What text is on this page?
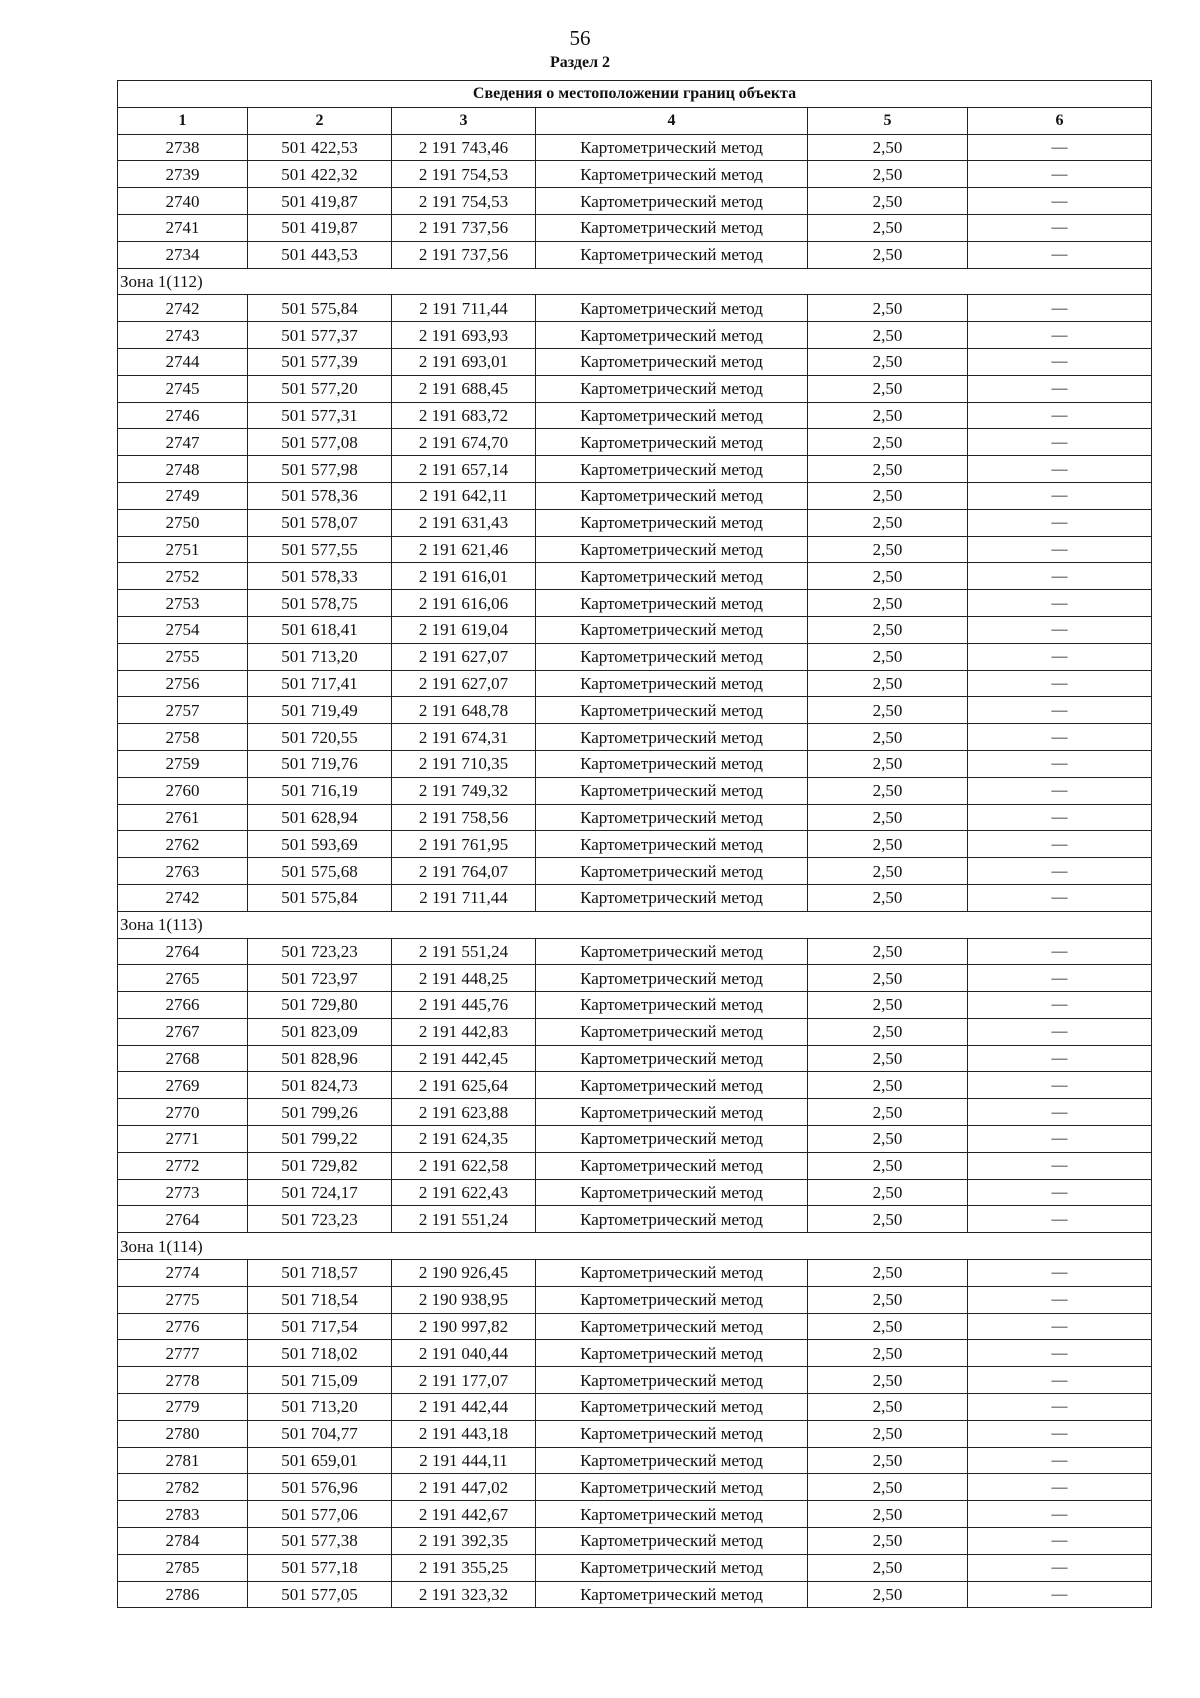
56
Раздел 2
Сведения о местоположении границ объекта					
1	2	3	4	5	6
2738	501 422,53	2 191 743,46	Картометрический метод	2,50	—
2739	501 422,32	2 191 754,53	Картометрический метод	2,50	—
2740	501 419,87	2 191 754,53	Картометрический метод	2,50	—
2741	501 419,87	2 191 737,56	Картометрический метод	2,50	—
2734	501 443,53	2 191 737,56	Картометрический метод	2,50	—
Зона 1(112)					
2742	501 575,84	2 191 711,44	Картометрический метод	2,50	—
2743	501 577,37	2 191 693,93	Картометрический метод	2,50	—
2744	501 577,39	2 191 693,01	Картометрический метод	2,50	—
2745	501 577,20	2 191 688,45	Картометрический метод	2,50	—
2746	501 577,31	2 191 683,72	Картометрический метод	2,50	—
2747	501 577,08	2 191 674,70	Картометрический метод	2,50	—
2748	501 577,98	2 191 657,14	Картометрический метод	2,50	—
2749	501 578,36	2 191 642,11	Картометрический метод	2,50	—
2750	501 578,07	2 191 631,43	Картометрический метод	2,50	—
2751	501 577,55	2 191 621,46	Картометрический метод	2,50	—
2752	501 578,33	2 191 616,01	Картометрический метод	2,50	—
2753	501 578,75	2 191 616,06	Картометрический метод	2,50	—
2754	501 618,41	2 191 619,04	Картометрический метод	2,50	—
2755	501 713,20	2 191 627,07	Картометрический метод	2,50	—
2756	501 717,41	2 191 627,07	Картометрический метод	2,50	—
2757	501 719,49	2 191 648,78	Картометрический метод	2,50	—
2758	501 720,55	2 191 674,31	Картометрический метод	2,50	—
2759	501 719,76	2 191 710,35	Картометрический метод	2,50	—
2760	501 716,19	2 191 749,32	Картометрический метод	2,50	—
2761	501 628,94	2 191 758,56	Картометрический метод	2,50	—
2762	501 593,69	2 191 761,95	Картометрический метод	2,50	—
2763	501 575,68	2 191 764,07	Картометрический метод	2,50	—
2742	501 575,84	2 191 711,44	Картометрический метод	2,50	—
Зона 1(113)					
2764	501 723,23	2 191 551,24	Картометрический метод	2,50	—
2765	501 723,97	2 191 448,25	Картометрический метод	2,50	—
2766	501 729,80	2 191 445,76	Картометрический метод	2,50	—
2767	501 823,09	2 191 442,83	Картометрический метод	2,50	—
2768	501 828,96	2 191 442,45	Картометрический метод	2,50	—
2769	501 824,73	2 191 625,64	Картометрический метод	2,50	—
2770	501 799,26	2 191 623,88	Картометрический метод	2,50	—
2771	501 799,22	2 191 624,35	Картометрический метод	2,50	—
2772	501 729,82	2 191 622,58	Картометрический метод	2,50	—
2773	501 724,17	2 191 622,43	Картометрический метод	2,50	—
2764	501 723,23	2 191 551,24	Картометрический метод	2,50	—
Зона 1(114)					
2774	501 718,57	2 190 926,45	Картометрический метод	2,50	—
2775	501 718,54	2 190 938,95	Картометрический метод	2,50	—
2776	501 717,54	2 190 997,82	Картометрический метод	2,50	—
2777	501 718,02	2 191 040,44	Картометрический метод	2,50	—
2778	501 715,09	2 191 177,07	Картометрический метод	2,50	—
2779	501 713,20	2 191 442,44	Картометрический метод	2,50	—
2780	501 704,77	2 191 443,18	Картометрический метод	2,50	—
2781	501 659,01	2 191 444,11	Картометрический метод	2,50	—
2782	501 576,96	2 191 447,02	Картометрический метод	2,50	—
2783	501 577,06	2 191 442,67	Картометрический метод	2,50	—
2784	501 577,38	2 191 392,35	Картометрический метод	2,50	—
2785	501 577,18	2 191 355,25	Картометрический метод	2,50	—
2786	501 577,05	2 191 323,32	Картометрический метод	2,50	—
